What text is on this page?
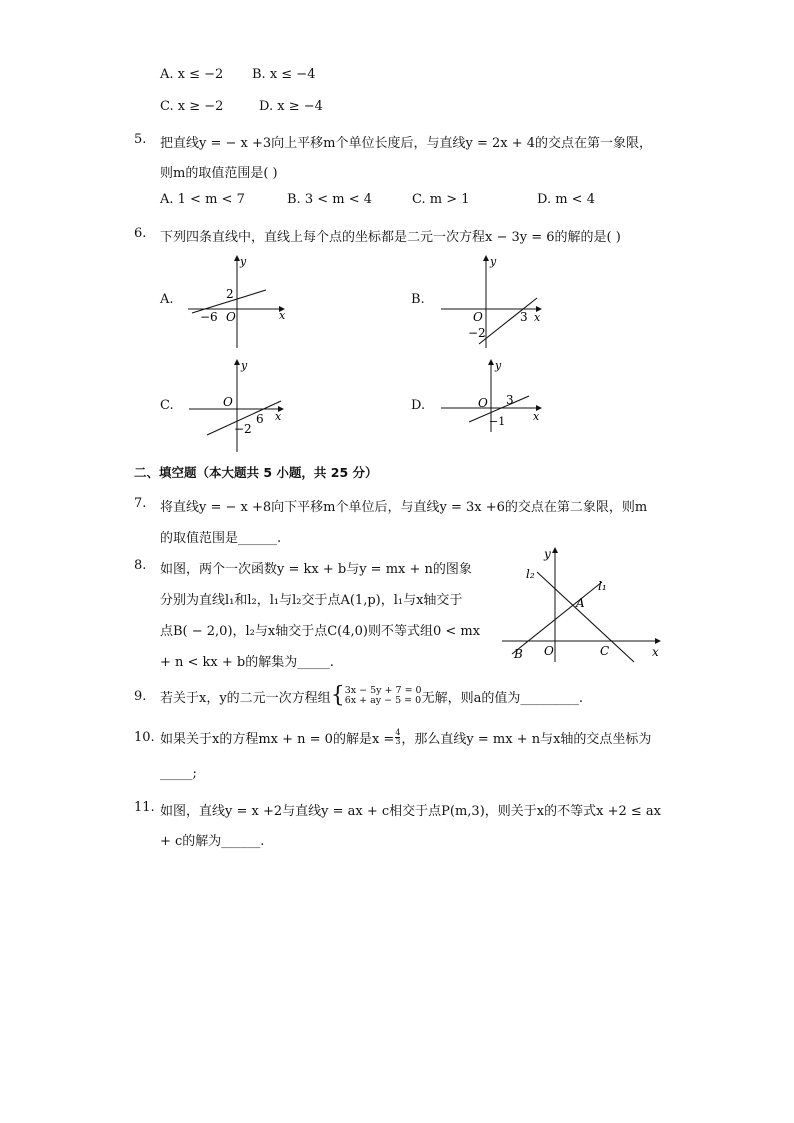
A. x ≤ −2 B. x ≤ −4
C. x ≥ −2	D. x ≥ −4
5. 把直线y = − x +3向上平移m个单位长度后，与直线y = 2x + 4的交点在第一象限，
则m的取值范围是( )
A. 1 < m < 7	B. 3 < m < 4	C. m > 1	D. m < 4
6. 下列四条直线中，直线上每个点的坐标都是二元一次方程x − 3y = 6的解的是( )
A.	B.
C.	D.
y
x
O
−6
2
y
x
O	3
−2
y
x
O
6
−2
y
x
O 3
−1
二、填空题（本大题共 5 小题，共 25 分）
7. 将直线y = − x +8向下平移m个单位后，与直线y = 3x +6的交点在第二象限，则m
的取值范围是______.
8. 如图，两个一次函数y = kx + b与y = mx + n的图象
分别为直线l₁和l₂，l₁与l₂交于点A(1,p)，l₁与x轴交于
点B( − 2,0)，l₂与x轴交于点C(4,0)则不等式组0 < mx
+ n < kx + b的解集为_____.
y
x
l₂
l₁
A
B O	C
9. 若关于x，y的二元一次方程组 { 3x − 5y + 7 = 0
6x + ay − 5 = 0 无解，则a的值为_________.
10. 如果关于x的方程mx + n = 0的解是$x = \frac{4}{3}$ ，那么直线y = mx + n与x轴的交点坐标为
_____;
11. 如图，直线y = x +2与直线y = ax + c相交于点P(m,3)，则关于x的不等式x +2 ≤ ax
+ c的解为______.
